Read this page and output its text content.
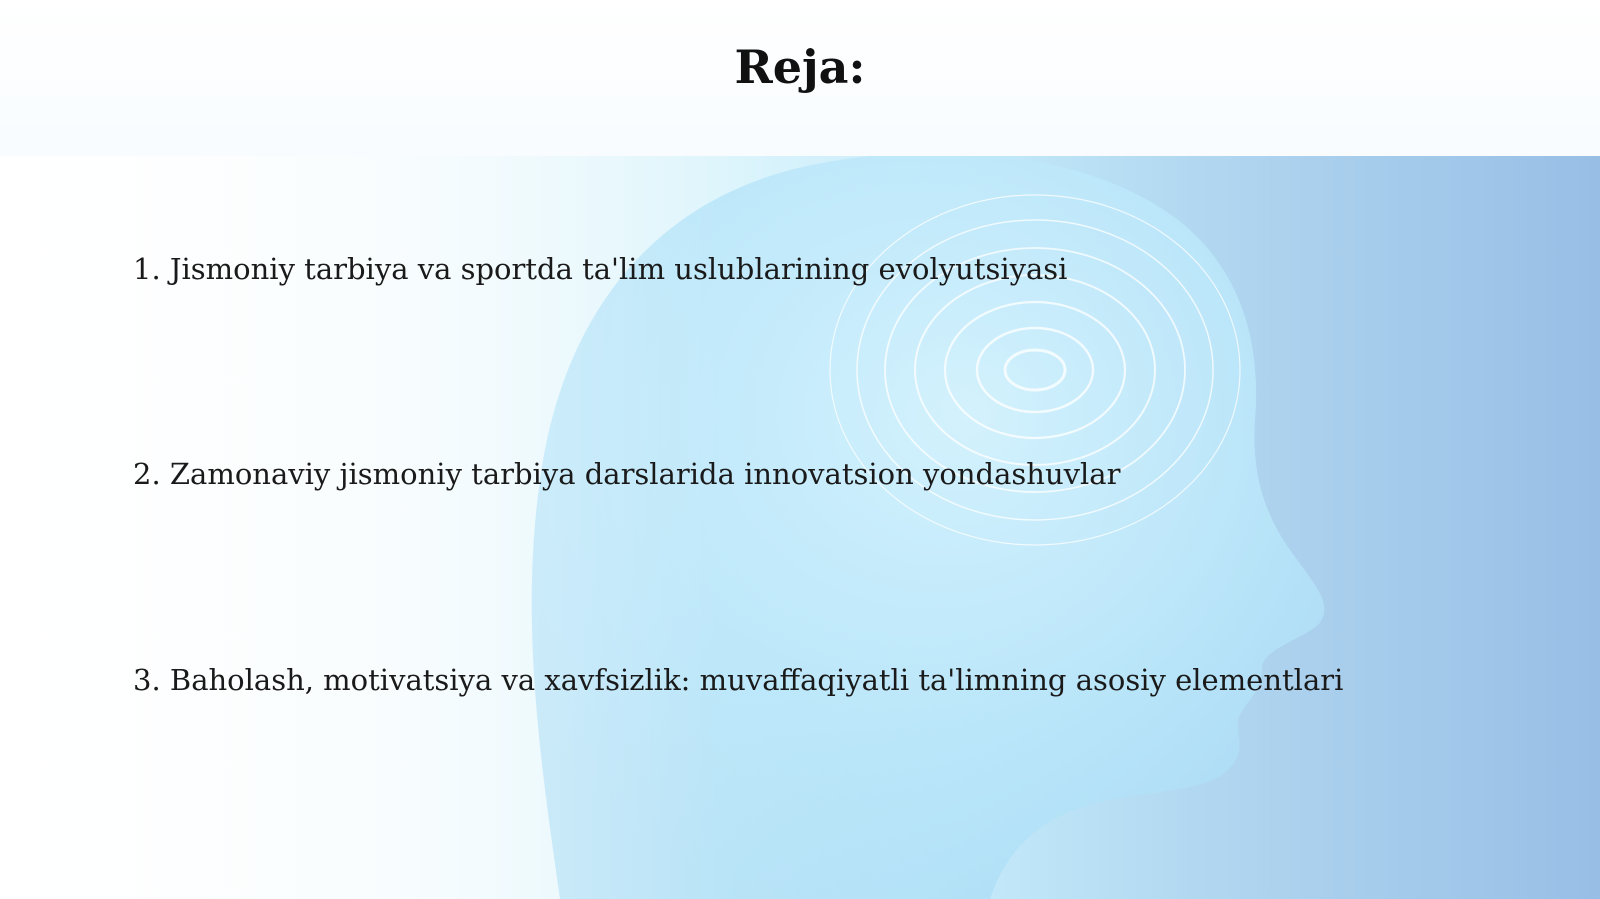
Reja:
1. Jismoniy tarbiya va sportda ta'lim uslublarining evolyutsiyasi
2. Zamonaviy jismoniy tarbiya darslarida innovatsion yondashuvlar
3. Baholash, motivatsiya va xavfsizlik: muvaffaqiyatli ta'limning asosiy elementlari
